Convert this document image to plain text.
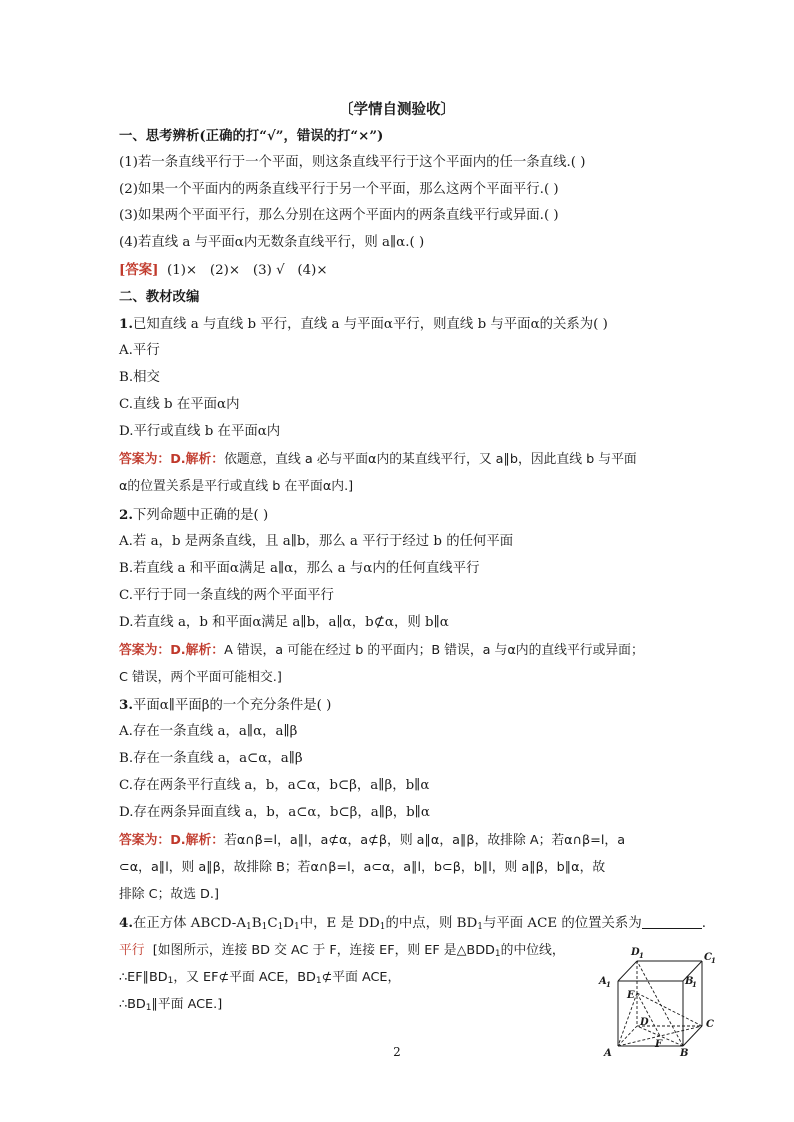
〔学情自测验收〕
一、思考辨析(正确的打“√”，错误的打“×”)
(1)若一条直线平行于一个平面，则这条直线平行于这个平面内的任一条直线.( )
(2)如果一个平面内的两条直线平行于另一个平面，那么这两个平面平行.( )
(3)如果两个平面平行，那么分别在这两个平面内的两条直线平行或异面.( )
(4)若直线 a 与平面α内无数条直线平行，则 a∥α.( )
[答案]  (1)×   (2)×   (3) √   (4)×
二、教材改编
1.已知直线 a 与直线 b 平行，直线 a 与平面α平行，则直线 b 与平面α的关系为( )
A.平行
B.相交
C.直线 b 在平面α内
D.平行或直线 b 在平面α内
答案为：D.解析：依题意，直线 a 必与平面α内的某直线平行，又 a∥b，因此直线 b 与平面
α的位置关系是平行或直线 b 在平面α内.]
2.下列命题中正确的是( )
A.若 a，b 是两条直线，且 a∥b，那么 a 平行于经过 b 的任何平面
B.若直线 a 和平面α满足 a∥α，那么 a 与α内的任何直线平行
C.平行于同一条直线的两个平面平行
D.若直线 a，b 和平面α满足 a∥b，a∥α，b⊄α，则 b∥α
答案为：D.解析：A 错误，a 可能在经过 b 的平面内；B 错误，a 与α内的直线平行或异面；
C 错误，两个平面可能相交.]
3.平面α∥平面β的一个充分条件是( )
A.存在一条直线 a，a∥α，a∥β
B.存在一条直线 a，a⊂α，a∥β
C.存在两条平行直线 a，b，a⊂α，b⊂β，a∥β，b∥α
D.存在两条异面直线 a，b，a⊂α，b⊂β，a∥β，b∥α
答案为：D.解析：若α∩β=l，a∥l，a⊄α，a⊄β，则 a∥α，a∥β，故排除 A；若α∩β=l，a
⊂α，a∥l，则 a∥β，故排除 B；若α∩β=l，a⊂α，a∥l，b⊂β，b∥l，则 a∥β，b∥α，故
排除 C；故选 D.]
4.在正方体 ABCD-$A_1B_1C_1D_1$中，E 是 $DD_1$的中点，则 $BD_1$与平面 ACE 的位置关系为	.
平行 [如图所示，连接 BD 交 AC 于 F，连接 EF，则 EF 是$\triangle BDD_1$的中位线，
$\therefore EF\parallel BD_1$，又 EF⊄平面 ACE，$BD_1⊄$平面 ACE，
$\therefore BD_1\parallel$平面 ACE.]
A	B
C
D
A 1	B
1
C 1
D 1
E
F
2
